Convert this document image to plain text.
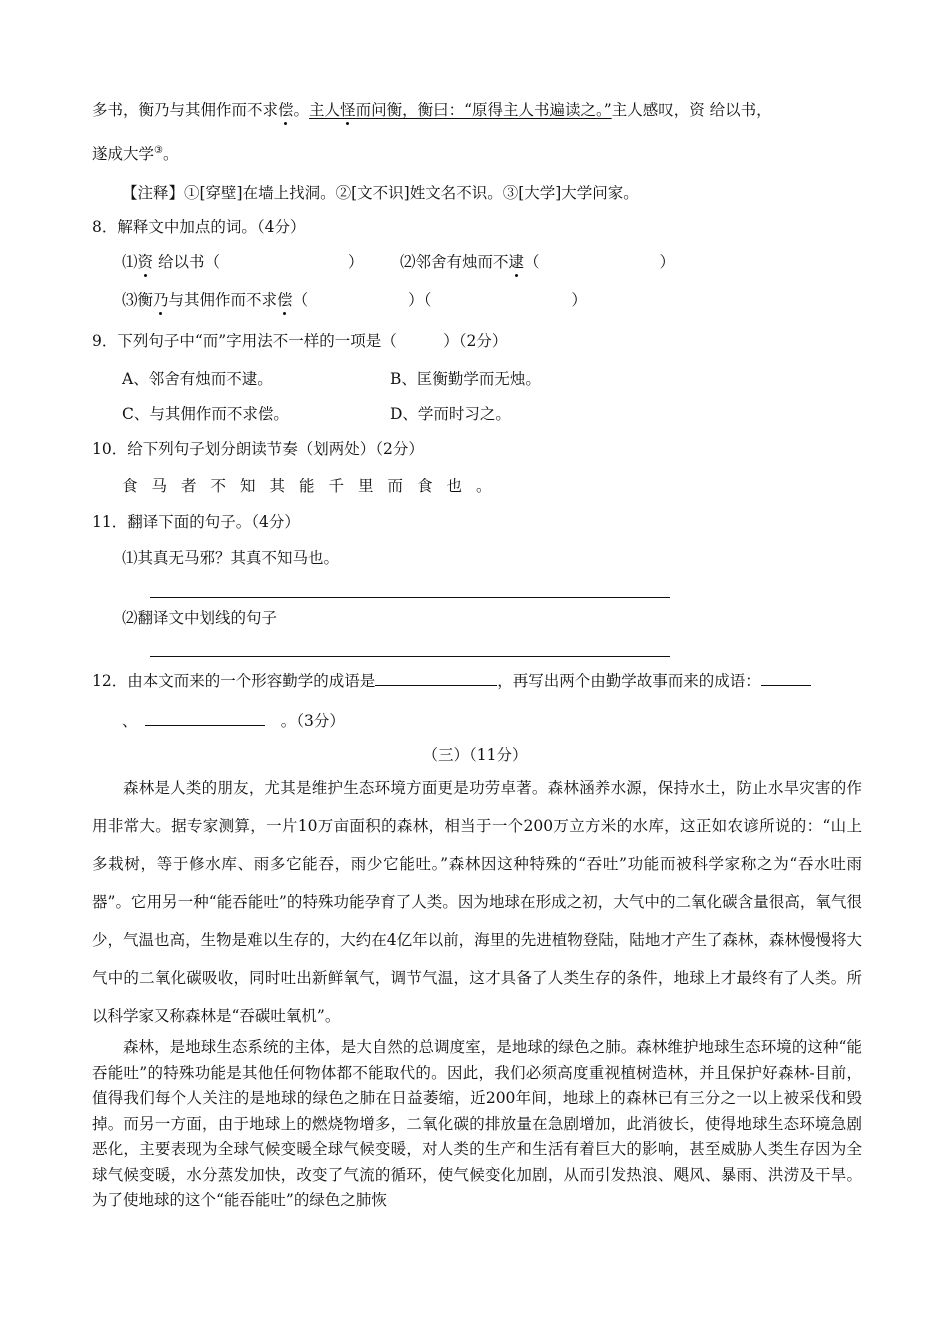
多书，衡乃与其佣作而不求偿。主人怪而问衡，衡曰：“原得主人书遍读之。”主人感叹，资 给以书，
遂成大学③。
【注释】①[穿壁]在墙上找洞。②[文不识]姓文名不识。③[大学]大学问家。
8．解释文中加点的词。（4分）
⑴资 给以书（	） ⑵邻舍有烛而不逮（	）
⑶衡乃与其佣作而不求偿（	）（	）
9．下列句子中“而”字用法不一样的一项是（　　　）（2分）
A、邻舍有烛而不逮。	B、匡衡勤学而无烛。
C、与其佣作而不求偿。	D、学而时习之。
10．给下列句子划分朗读节奏（划两处）（2分）
食马者不知其能千里而食也。
11．翻译下面的句子。（4分）
⑴其真无马邪？其真不知马也。
⑵翻译文中划线的句子
12．由本文而来的一个形容勤学的成语是	，再写出两个由勤学故事而来的成语：
、　　	。（3分）
（三）（11分）
森林是人类的朋友，尤其是维护生态环境方面更是功劳卓著。森林涵养水源，保持水土，防止水旱灾害的作用非常大。据专家测算，一片10万亩面积的森林，相当于一个200万立方米的水库，这正如农谚所说的：“山上多栽树，等于修水库、雨多它能吞，雨少它能吐。”森林因这种特殊的“吞吐”功能而被科学家称之为“吞水吐雨器”。它用另一种“能吞能吐”的特殊功能孕育了人类。因为地球在形成之初，大气中的二氧化碳含量很高，氧气很少，气温也高，生物是难以生存的，大约在4亿年以前，海里的先进植物登陆，陆地才产生了森林，森林慢慢将大气中的二氧化碳吸收，同时吐出新鲜氧气，调节气温，这才具备了人类生存的条件，地球上才最终有了人类。所以科学家又称森林是“吞碳吐氧机”。
森林，是地球生态系统的主体，是大自然的总调度室，是地球的绿色之肺。森林维护地球生态环境的这种“能吞能吐”的特殊功能是其他任何物体都不能取代的。因此，我们必须高度重视植树造林，并且保护好森林-目前，值得我们每个人关注的是地球的绿色之肺在日益萎缩，近200年间，地球上的森林已有三分之一以上被采伐和毁掉。而另一方面，由于地球上的燃烧物增多，二氧化碳的排放量在急剧增加，此消彼长，使得地球生态环境急剧恶化，主要表现为全球气候变暖全球气候变暖，对人类的生产和生活有着巨大的影响，甚至威胁人类生存因为全球气候变暖，水分蒸发加快，改变了气流的循环，使气候变化加剧，从而引发热浪、飓风、暴雨、洪涝及干旱。为了使地球的这个“能吞能吐”的绿色之肺恢
